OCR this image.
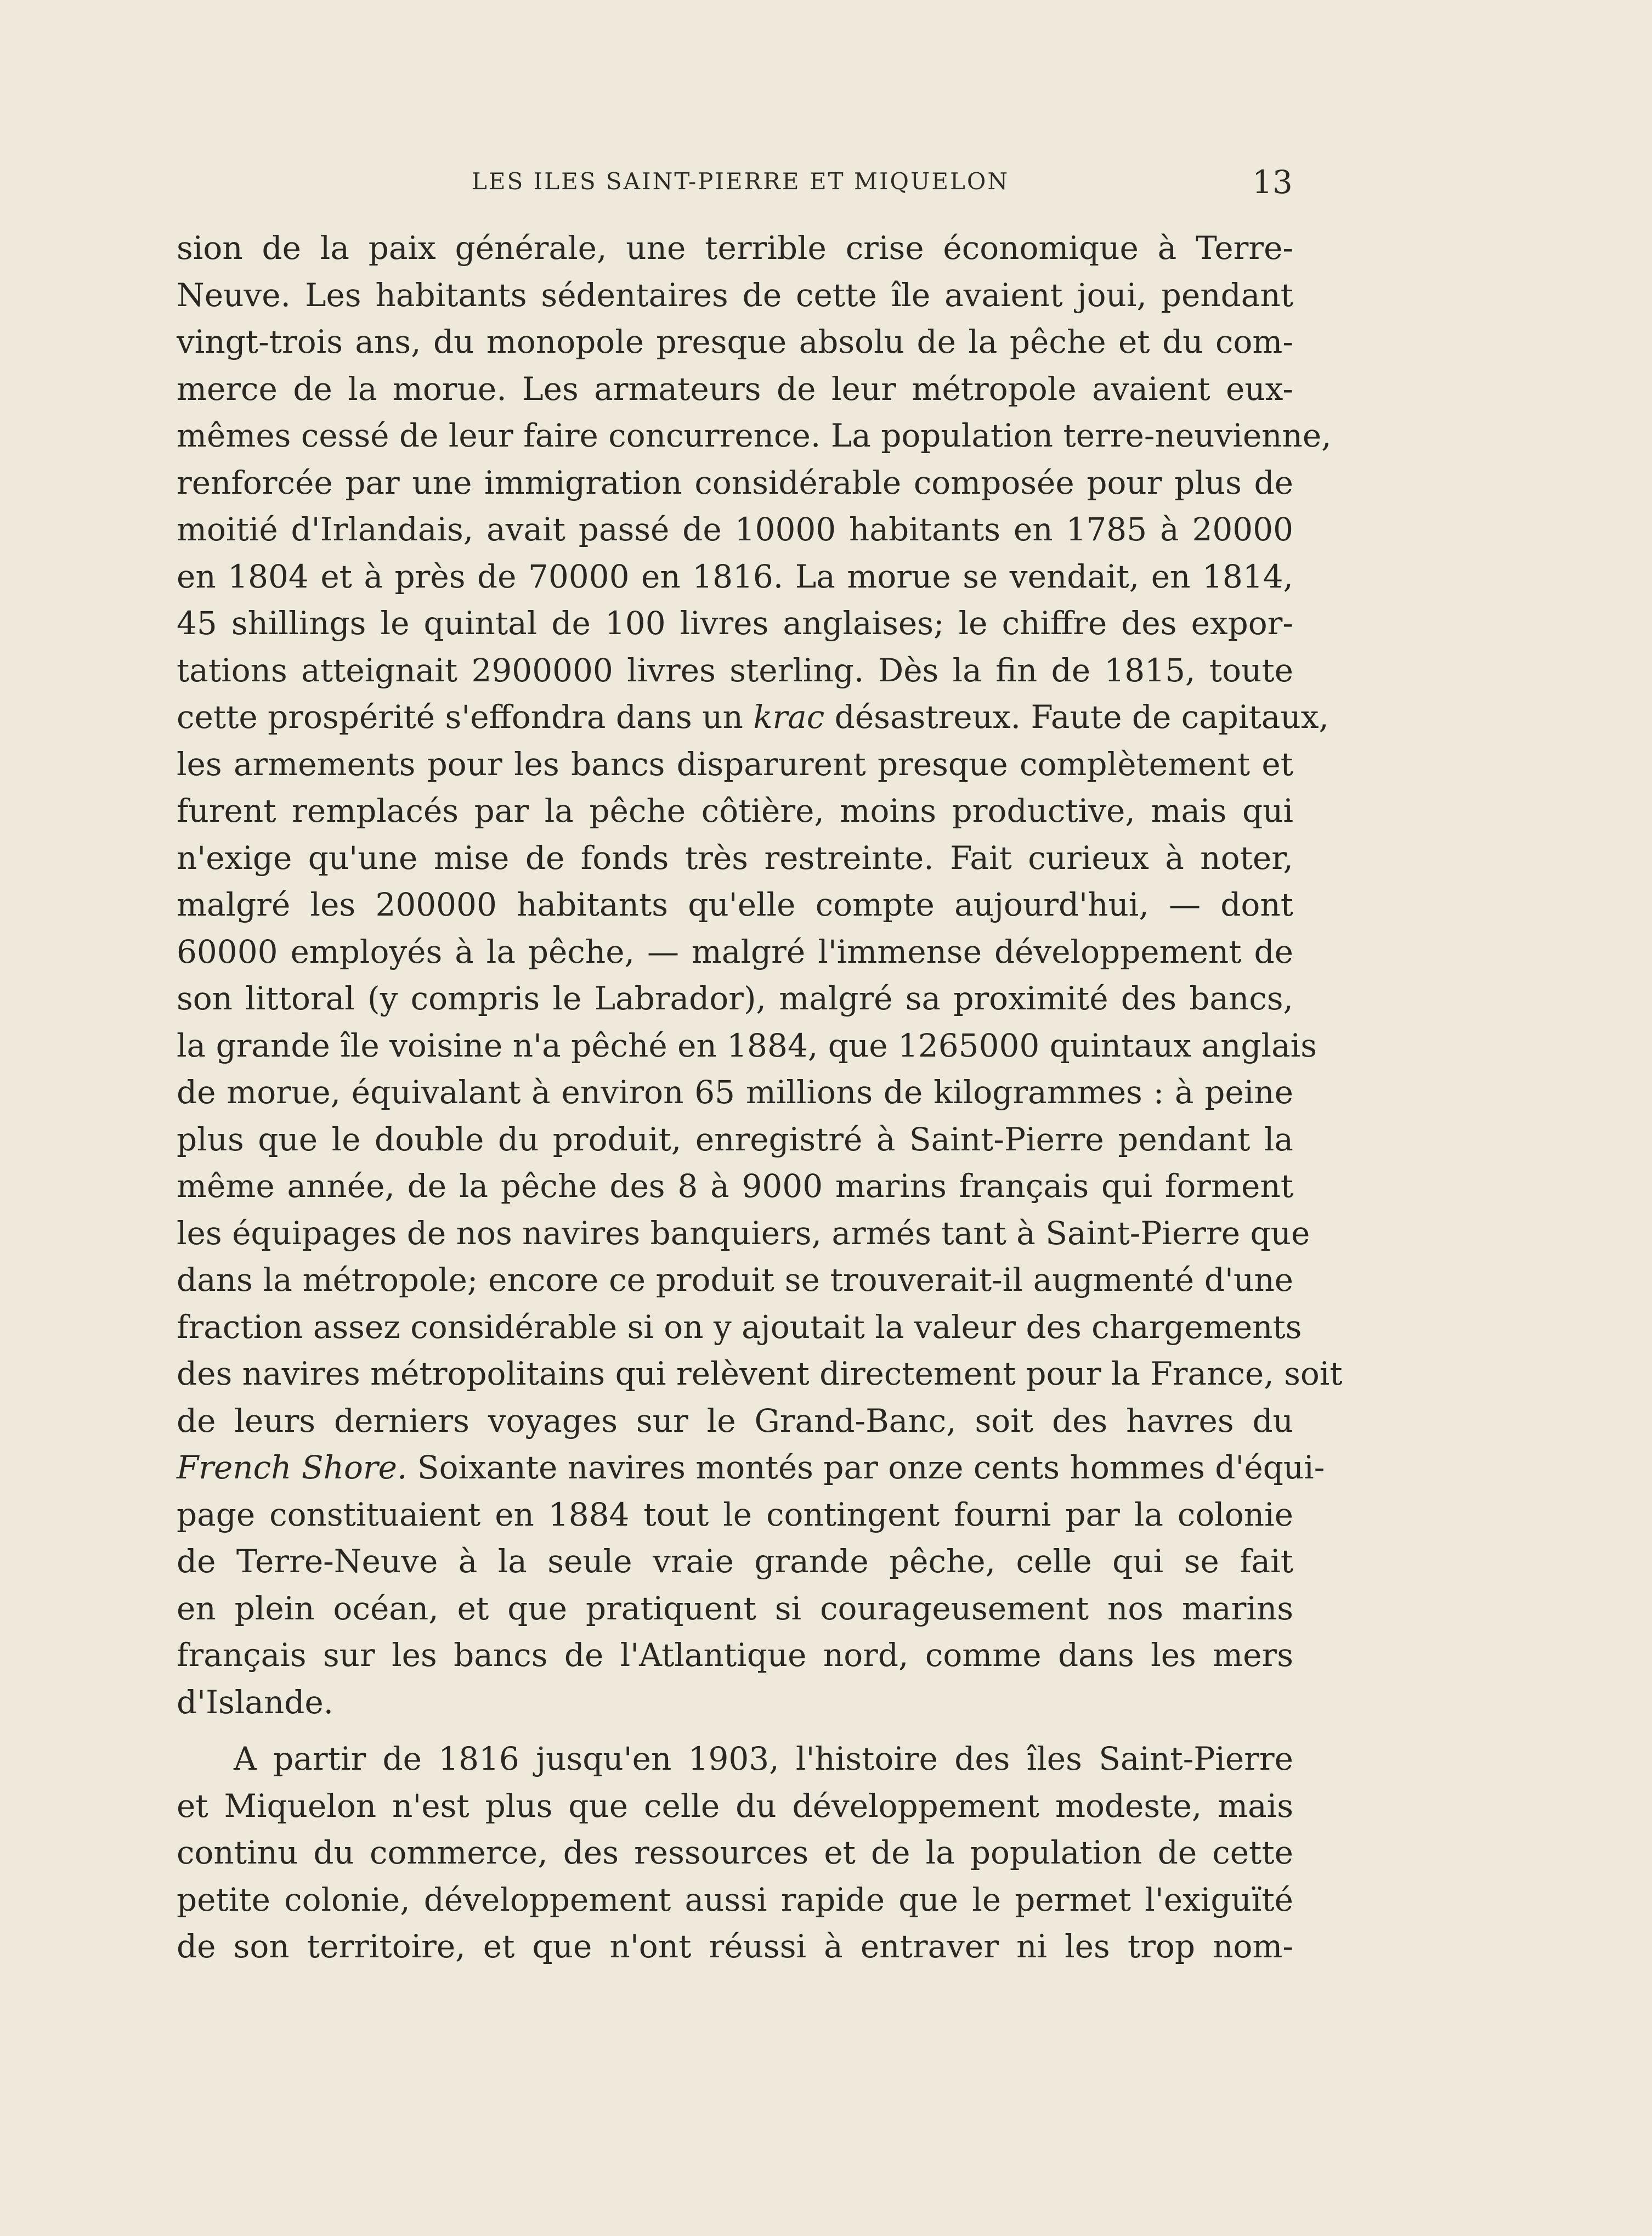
LES ILES SAINT-PIERRE ET MIQUELON	13
sion de la paix générale, une terrible crise économique à Terre-
Neuve. Les habitants sédentaires de cette île avaient joui, pendant
vingt-trois ans, du monopole presque absolu de la pêche et du com-
merce de la morue. Les armateurs de leur métropole avaient eux-
mêmes cessé de leur faire concurrence. La population terre-neuvienne,
renforcée par une immigration considérable composée pour plus de
moitié d'Irlandais, avait passé de 10000 habitants en 1785 à 20000
en 1804 et à près de 70000 en 1816. La morue se vendait, en 1814,
45 shillings le quintal de 100 livres anglaises; le chiffre des expor-
tations atteignait 2900000 livres sterling. Dès la fin de 1815, toute
cette prospérité s'effondra dans un krac désastreux. Faute de capitaux,
les armements pour les bancs disparurent presque complètement et
furent remplacés par la pêche côtière, moins productive, mais qui
n'exige qu'une mise de fonds très restreinte. Fait curieux à noter,
malgré les 200000 habitants qu'elle compte aujourd'hui, — dont
60000 employés à la pêche, — malgré l'immense développement de
son littoral (y compris le Labrador), malgré sa proximité des bancs,
la grande île voisine n'a pêché en 1884, que 1265000 quintaux anglais
de morue, équivalant à environ 65 millions de kilogrammes : à peine
plus que le double du produit, enregistré à Saint-Pierre pendant la
même année, de la pêche des 8 à 9000 marins français qui forment
les équipages de nos navires banquiers, armés tant à Saint-Pierre que
dans la métropole; encore ce produit se trouverait-il augmenté d'une
fraction assez considérable si on y ajoutait la valeur des chargements
des navires métropolitains qui relèvent directement pour la France, soit
de leurs derniers voyages sur le Grand-Banc, soit des havres du
French Shore. Soixante navires montés par onze cents hommes d'équi-
page constituaient en 1884 tout le contingent fourni par la colonie
de Terre-Neuve à la seule vraie grande pêche, celle qui se fait
en plein océan, et que pratiquent si courageusement nos marins
français sur les bancs de l'Atlantique nord, comme dans les mers
d'Islande.
A partir de 1816 jusqu'en 1903, l'histoire des îles Saint-Pierre
et Miquelon n'est plus que celle du développement modeste, mais
continu du commerce, des ressources et de la population de cette
petite colonie, développement aussi rapide que le permet l'exiguïté
de son territoire, et que n'ont réussi à entraver ni les trop nom-
